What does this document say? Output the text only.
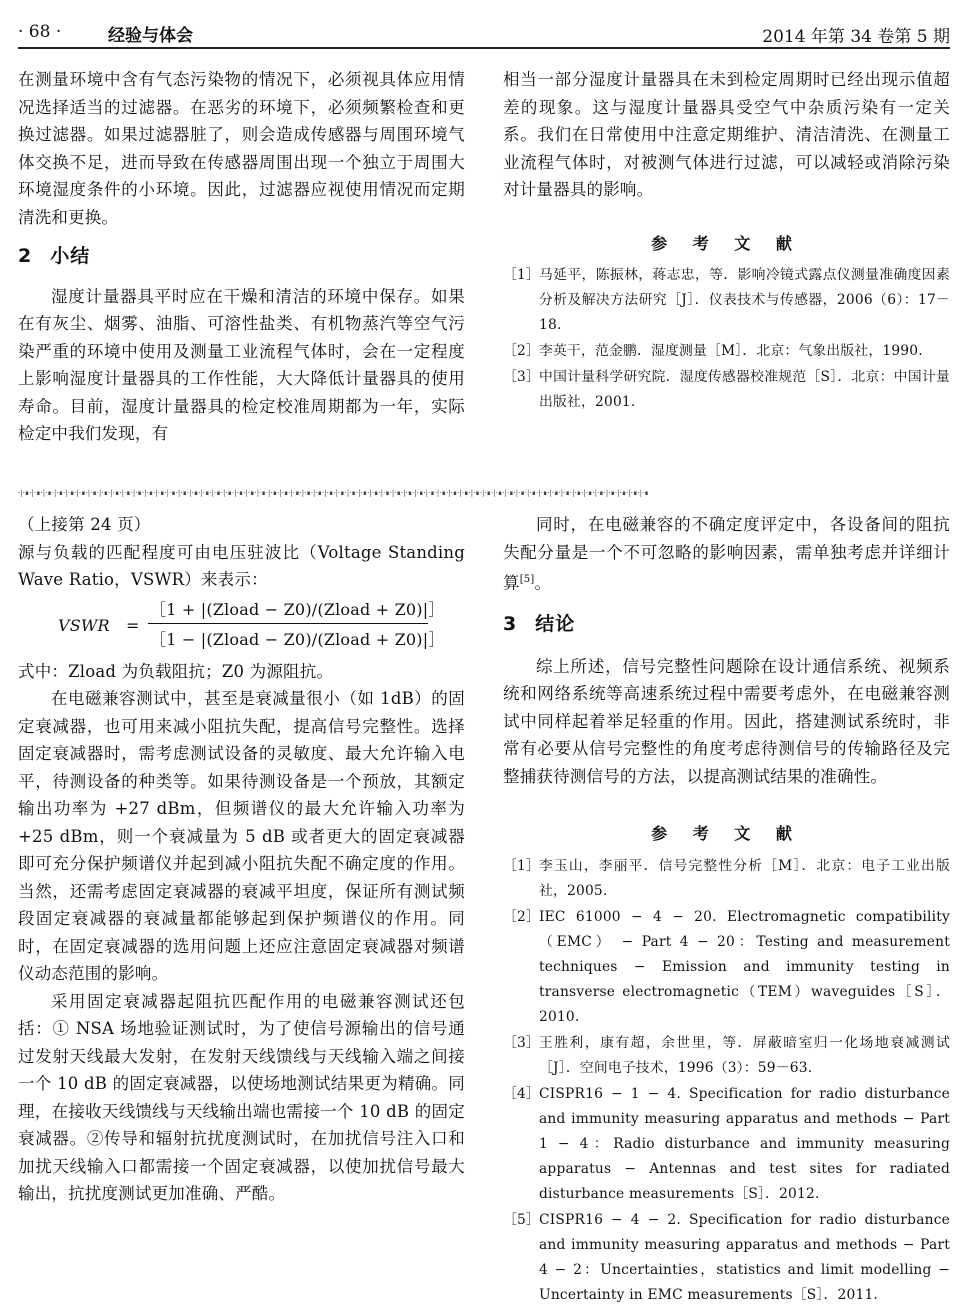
· 68 ·	经验与体会	2014 年第 34 卷第 5 期

在测量环境中含有气态污染物的情况下，必须视具体应用情况选择适当的过滤器。在恶劣的环境下，必须频繁检查和更换过滤器。如果过滤器脏了，则会造成传感器与周围环境气体交换不足，进而导致在传感器周围出现一个独立于周围大环境湿度条件的小环境。因此，过滤器应视使用情况而定期清洗和更换。

2 小结

湿度计量器具平时应在干燥和清洁的环境中保存。如果在有灰尘、烟雾、油脂、可溶性盐类、有机物蒸汽等空气污染严重的环境中使用及测量工业流程气体时，会在一定程度上影响湿度计量器具的工作性能，大大降低计量器具的使用寿命。目前，湿度计量器具的检定校准周期都为一年，实际检定中我们发现，有

相当一部分湿度计量器具在未到检定周期时已经出现示值超差的现象。这与湿度计量器具受空气中杂质污染有一定关系。我们在日常使用中注意定期维护、清洁清洗、在测量工业流程气体时，对被测气体进行过滤，可以减轻或消除污染对计量器具的影响。

参 考 文 献
［1］ 马延平，陈振林，蒋志忠，等．影响冷镜式露点仪测量准确度因素分析及解决方法研究［J］．仪表技术与传感器，2006（6）：17－18.
［2］ 李英干，范金鹏．湿度测量［M］．北京：气象出版社，1990.
［3］ 中国计量科学研究院．湿度传感器校准规范［S］．北京：中国计量出版社，2001.
·|·∎·|·∎·|·∎·|·∎·|·∎·|·∎·|·∎·|·∎·|·∎·|·∎·|·∎·|·∎·|·∎·|·∎·|·∎·|·∎·|·∎·|·∎·|·∎·|·∎·|·∎·|·∎·|·∎·|·∎·|·∎·|·∎·|·∎·|·∎·|·∎·|·∎·|·∎·|·∎·|·∎·|·∎·|·∎·|·∎·|·∎·|·∎·|·∎·|·∎·|·∎·|·∎·|·∎·|·∎·|·∎·|·∎·|·∎·|·∎·|·∎·|·∎·|·∎·|·∎·|·∎·|·∎·|·∎·|·∎

（上接第 24 页）

源与负载的匹配程度可由电压驻波比（Voltage Standing Wave Ratio，VSWR）来表示：

VSWR =
［1 + |(Zload − Z0)/(Zload + Z0)|］
［1 − |(Zload − Z0)/(Zload + Z0)|］

式中：Zload 为负载阻抗；Z0 为源阻抗。

在电磁兼容测试中，甚至是衰减量很小（如 1dB）的固定衰减器，也可用来减小阻抗失配，提高信号完整性。选择固定衰减器时，需考虑测试设备的灵敏度、最大允许输入电平，待测设备的种类等。如果待测设备是一个预放，其额定输出功率为 +27 dBm，但频谱仪的最大允许输入功率为 +25 dBm，则一个衰减量为 5 dB 或者更大的固定衰减器即可充分保护频谱仪并起到减小阻抗失配不确定度的作用。当然，还需考虑固定衰减器的衰减平坦度，保证所有测试频段固定衰减器的衰减量都能够起到保护频谱仪的作用。同时，在固定衰减器的选用问题上还应注意固定衰减器对频谱仪动态范围的影响。

采用固定衰减器起阻抗匹配作用的电磁兼容测试还包括：① NSA 场地验证测试时，为了使信号源输出的信号通过发射天线最大发射，在发射天线馈线与天线输入端之间接一个 10 dB 的固定衰减器，以使场地测试结果更为精确。同理，在接收天线馈线与天线输出端也需接一个 10 dB 的固定衰减器。②传导和辐射抗扰度测试时，在加扰信号注入口和加扰天线输入口都需接一个固定衰减器，以使加扰信号最大输出，抗扰度测试更加准确、严酷。

同时，在电磁兼容的不确定度评定中，各设备间的阻抗失配分量是一个不可忽略的影响因素，需单独考虑并详细计算[5]。

3 结论

综上所述，信号完整性问题除在设计通信系统、视频系统和网络系统等高速系统过程中需要考虑外，在电磁兼容测试中同样起着举足轻重的作用。因此，搭建测试系统时，非常有必要从信号完整性的角度考虑待测信号的传输路径及完整捕获待测信号的方法，以提高测试结果的准确性。

参 考 文 献
［1］ 李玉山，李丽平．信号完整性分析［M］．北京：电子工业出版社，2005.
［2］ IEC 61000 − 4 − 20. Electromagnetic compatibility（EMC） − Part 4 − 20：Testing and measurement techniques − Emission and immunity testing in transverse electromagnetic（TEM）waveguides［S］．2010.
［3］ 王胜利，康有超，余世里，等．屏蔽暗室归一化场地衰减测试［J］．空间电子技术，1996（3）：59－63.
［4］ CISPR16 − 1 − 4. Specification for radio disturbance and immunity measuring apparatus and methods − Part 1 − 4：Radio disturbance and immunity measuring apparatus − Antennas and test sites for radiated disturbance measurements［S］．2012.
［5］ CISPR16 − 4 − 2. Specification for radio disturbance and immunity measuring apparatus and methods − Part 4 − 2：Uncertainties，statistics and limit modelling − Uncertainty in EMC measurements［S］．2011.
